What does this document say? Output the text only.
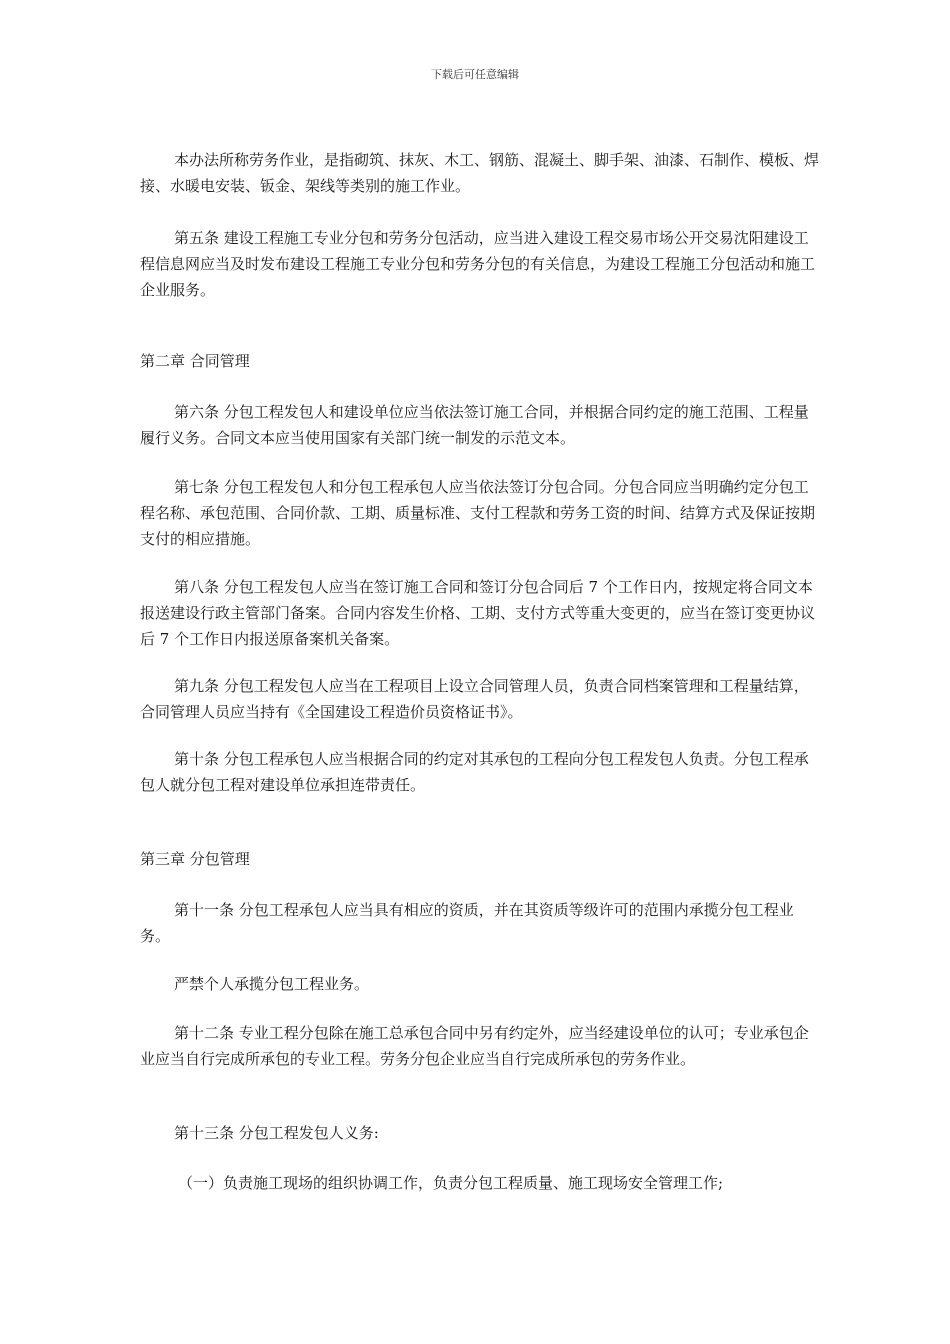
下载后可任意编辑

本办法所称劳务作业，是指砌筑、抹灰、木工、钢筋、混凝土、脚手架、油漆、石制作、模板、焊接、水暖电安装、钣金、架线等类别的施工作业。

第五条 建设工程施工专业分包和劳务分包活动，应当进入建设工程交易市场公开交易沈阳建设工程信息网应当及时发布建设工程施工专业分包和劳务分包的有关信息，为建设工程施工分包活动和施工企业服务。

第二章 合同管理

第六条 分包工程发包人和建设单位应当依法签订施工合同，并根据合同约定的施工范围、工程量履行义务。合同文本应当使用国家有关部门统一制发的示范文本。

第七条 分包工程发包人和分包工程承包人应当依法签订分包合同。分包合同应当明确约定分包工程名称、承包范围、合同价款、工期、质量标准、支付工程款和劳务工资的时间、结算方式及保证按期支付的相应措施。

第八条 分包工程发包人应当在签订施工合同和签订分包合同后 7 个工作日内，按规定将合同文本报送建设行政主管部门备案。合同内容发生价格、工期、支付方式等重大变更的，应当在签订变更协议后 7 个工作日内报送原备案机关备案。

第九条 分包工程发包人应当在工程项目上设立合同管理人员，负责合同档案管理和工程量结算，合同管理人员应当持有《全国建设工程造价员资格证书》。

第十条 分包工程承包人应当根据合同的约定对其承包的工程向分包工程发包人负责。分包工程承包人就分包工程对建设单位承担连带责任。

第三章 分包管理

第十一条 分包工程承包人应当具有相应的资质，并在其资质等级许可的范围内承揽分包工程业务。

严禁个人承揽分包工程业务。

第十二条 专业工程分包除在施工总承包合同中另有约定外，应当经建设单位的认可；专业承包企业应当自行完成所承包的专业工程。劳务分包企业应当自行完成所承包的劳务作业。

第十三条 分包工程发包人义务:

（一）负责施工现场的组织协调工作，负责分包工程质量、施工现场安全管理工作;
